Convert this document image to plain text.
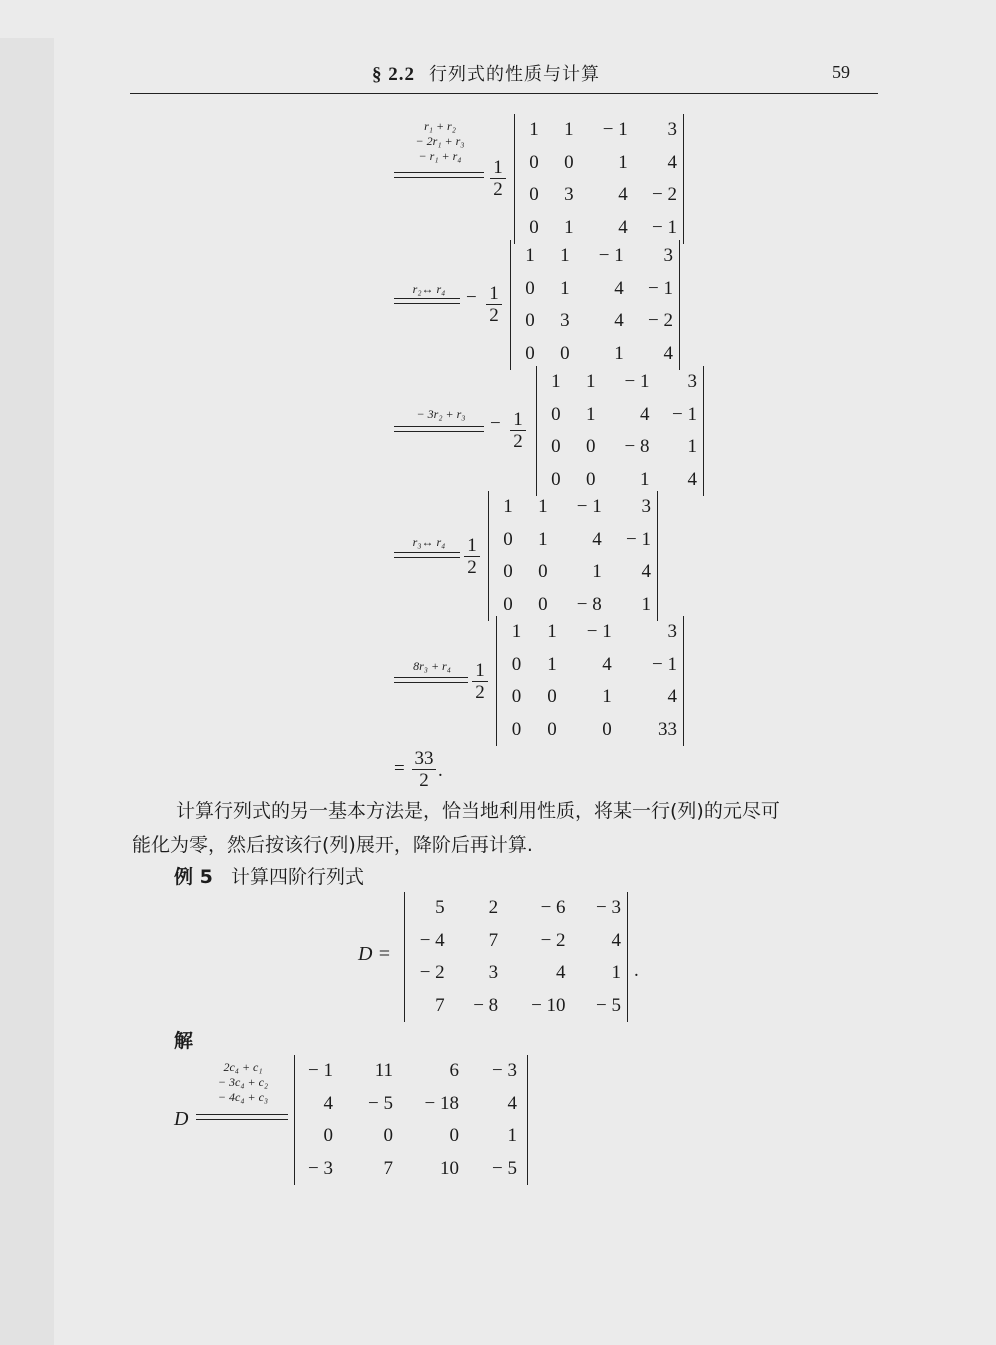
§ 2.2 行列式的性质与计算	59
r₁ + r₂
− 2r₁ + r₃
− r₁ + r₄
1
2
1	1	− 1	3
0	0	1	4
0	3	4	− 2
0	1	4	− 1
r₂↔ r₄	− 1
2
1	1	− 1	3
0	1	4	− 1
0	3	4	− 2
0	0	1	4
− 3r₂ + r₃	− 1
2
1	1	− 1	3
0	1	4	− 1
0	0	− 8	1
0	0	1	4
r₃↔ r₄	1
2
1	1	− 1	3
0	1	4	− 1
0	0	1	4
0	0	− 8	1
8r₃ + r₄	1
2
1	1	− 1	3
0	1	4	− 1
0	0	1	4
0	0	0	33
= 33
2 .
计算行列式的另一基本方法是，恰当地利用性质，将某一行(列)的元尽可
能化为零，然后按该行(列)展开，降阶后再计算.
例 5 计算四阶行列式
D =
5	2	− 6	− 3
− 4	7	− 2	4
− 2	3	4	1
7	− 8	− 10	− 5
.
解
D
2c₄ + c₁
− 3c₄ + c₂
− 4c₄ + c₃
− 1	11	6	− 3
4	− 5	− 18	4
0	0	0	1
− 3	7	10	− 5
